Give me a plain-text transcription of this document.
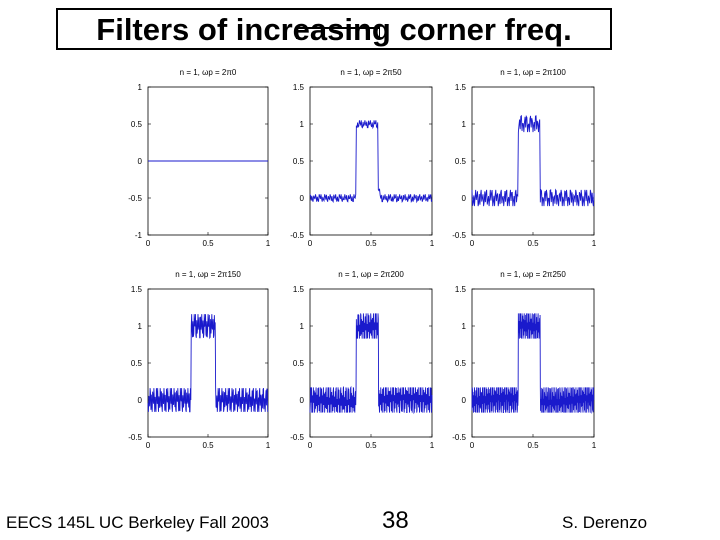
Filters of increasing corner freq.
n = 1, ωp = 2π0
1
0.5
0
-0.5
-1
0	0.5	1
n = 1, ωp = 2π50
1.5
1
0.5
0
-0.5
0	0.5	1
n = 1, ωp = 2π100
1.5
1
0.5
0
-0.5
0	0.5	1
n = 1, ωp = 2π150
1.5
1
0.5
0
-0.5
0	0.5	1
n = 1, ωp = 2π200
1.5
1
0.5
0
-0.5
0	0.5	1
n = 1, ωp = 2π250
1.5
1
0.5
0
-0.5
0	0.5	1
EECS 145L UC Berkeley Fall 2003	38	S. Derenzo
